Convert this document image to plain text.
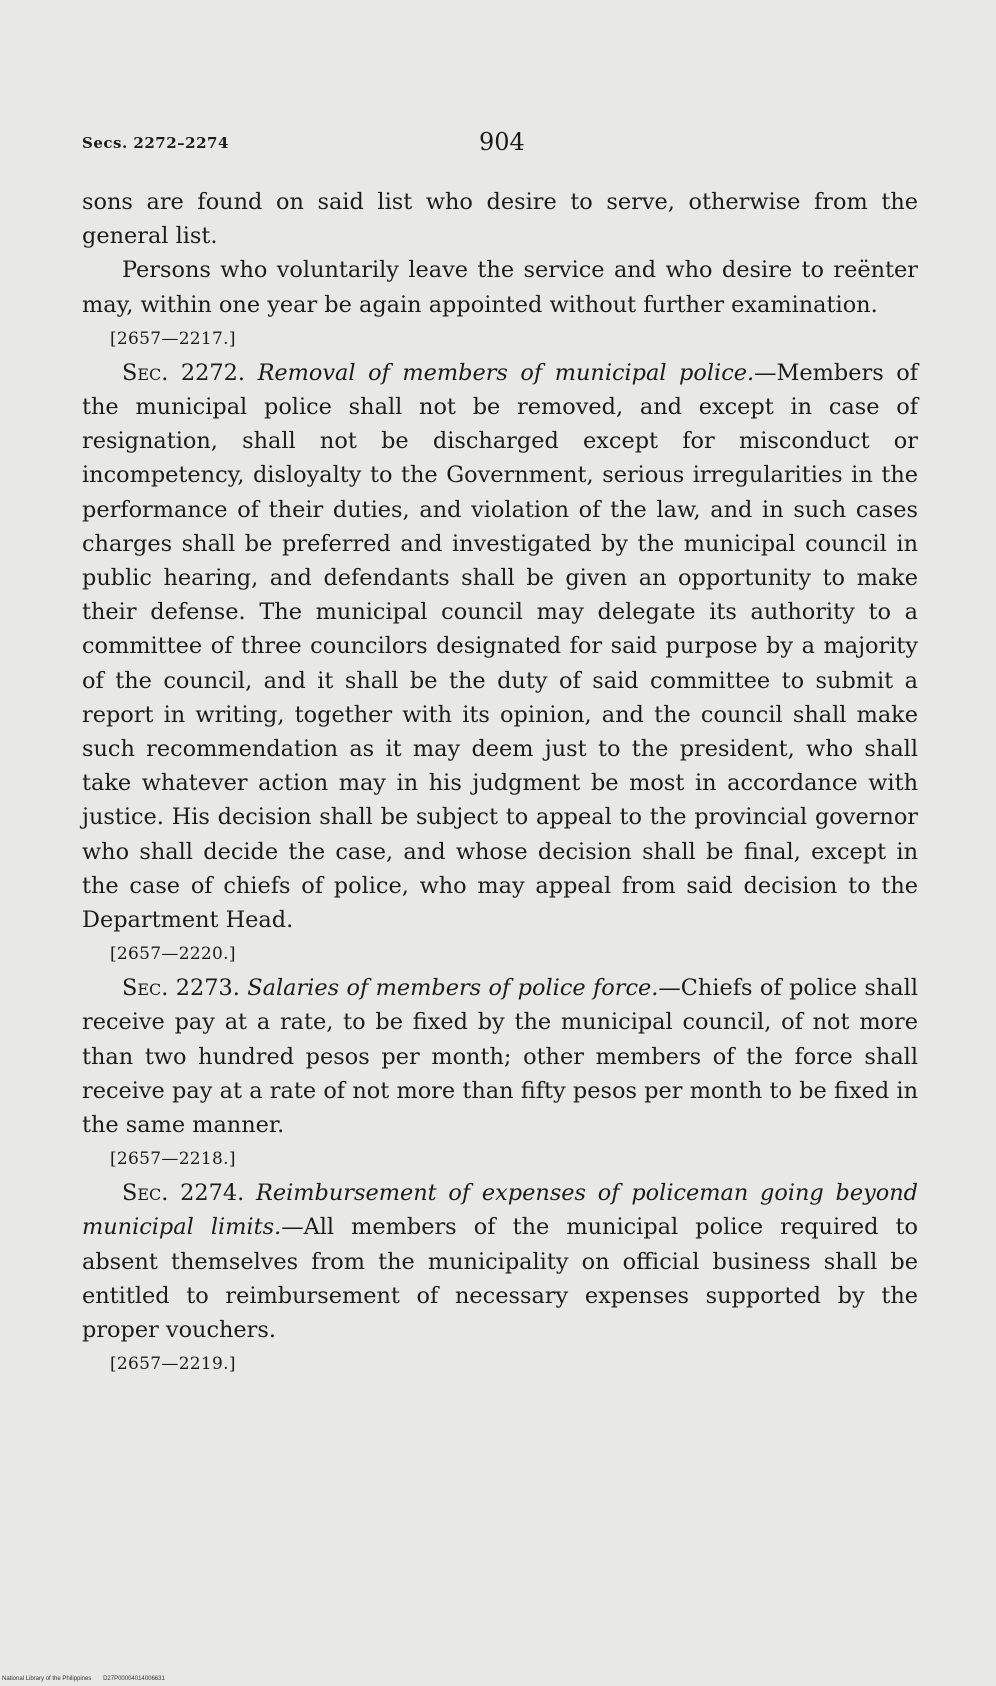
Secs. 2272–2274	904

sons are found on said list who desire to serve, otherwise from the general list.

Persons who voluntarily leave the service and who desire to reënter may, within one year be again appointed without further examination.

[2657—2217.]

Sec. 2272. Removal of members of municipal police.—Members of the municipal police shall not be removed, and except in case of resignation, shall not be discharged except for misconduct or incompetency, disloyalty to the Government, serious irregularities in the performance of their duties, and violation of the law, and in such cases charges shall be preferred and investigated by the municipal council in public hearing, and defendants shall be given an opportunity to make their defense. The municipal council may delegate its authority to a committee of three councilors designated for said purpose by a majority of the council, and it shall be the duty of said committee to submit a report in writing, together with its opinion, and the council shall make such recommendation as it may deem just to the president, who shall take whatever action may in his judgment be most in accordance with justice. His decision shall be subject to appeal to the provincial governor who shall decide the case, and whose decision shall be final, except in the case of chiefs of police, who may appeal from said decision to the Department Head.

[2657—2220.]

Sec. 2273. Salaries of members of police force.—Chiefs of police shall receive pay at a rate, to be fixed by the municipal council, of not more than two hundred pesos per month; other members of the force shall receive pay at a rate of not more than fifty pesos per month to be fixed in the same manner.

[2657—2218.]

Sec. 2274. Reimbursement of expenses of policeman going beyond municipal limits.—All members of the municipal police required to absent themselves from the municipality on official business shall be entitled to reimbursement of necessary expenses supported by the proper vouchers.

[2657—2219.]

National Library of the Philippines D27P00004014006631
